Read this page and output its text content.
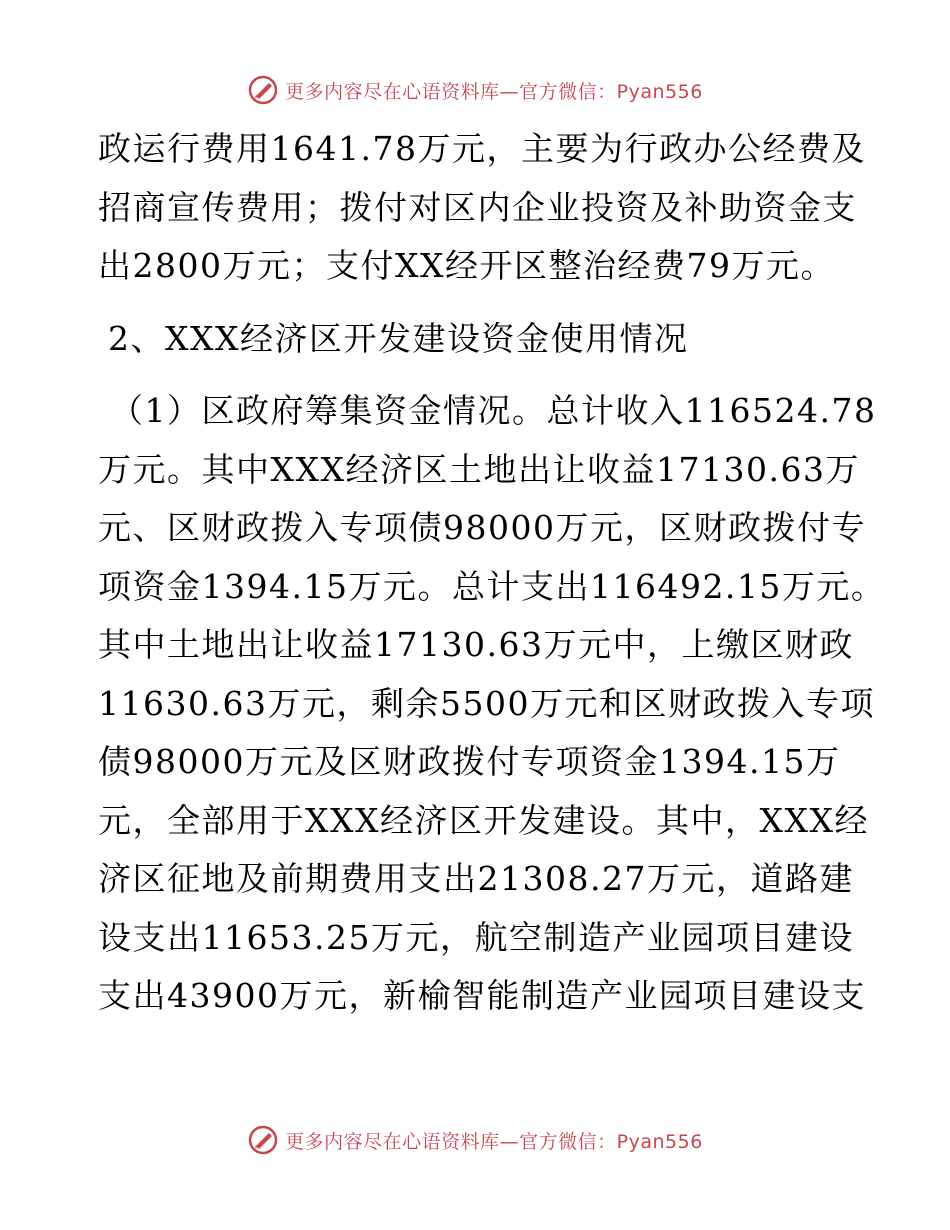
更多内容尽在心语资料库—官方微信：Pyan556
政运行费用1641.78万元，主要为行政办公经费及
招商宣传费用；拨付对区内企业投资及补助资金支
出2800万元；支付XX经开区整治经费79万元。
2、XXX经济区开发建设资金使用情况
（1）区政府筹集资金情况。总计收入116524.78
万元。其中XXX经济区土地出让收益17130.63万
元、区财政拨入专项债98000万元，区财政拨付专
项资金1394.15万元。总计支出116492.15万元。
其中土地出让收益17130.63万元中，上缴区财政
11630.63万元，剩余5500万元和区财政拨入专项
债98000万元及区财政拨付专项资金1394.15万
元，全部用于XXX经济区开发建设。其中，XXX经
济区征地及前期费用支出21308.27万元，道路建
设支出11653.25万元，航空制造产业园项目建设
支出43900万元，新榆智能制造产业园项目建设支
更多内容尽在心语资料库—官方微信：Pyan556
